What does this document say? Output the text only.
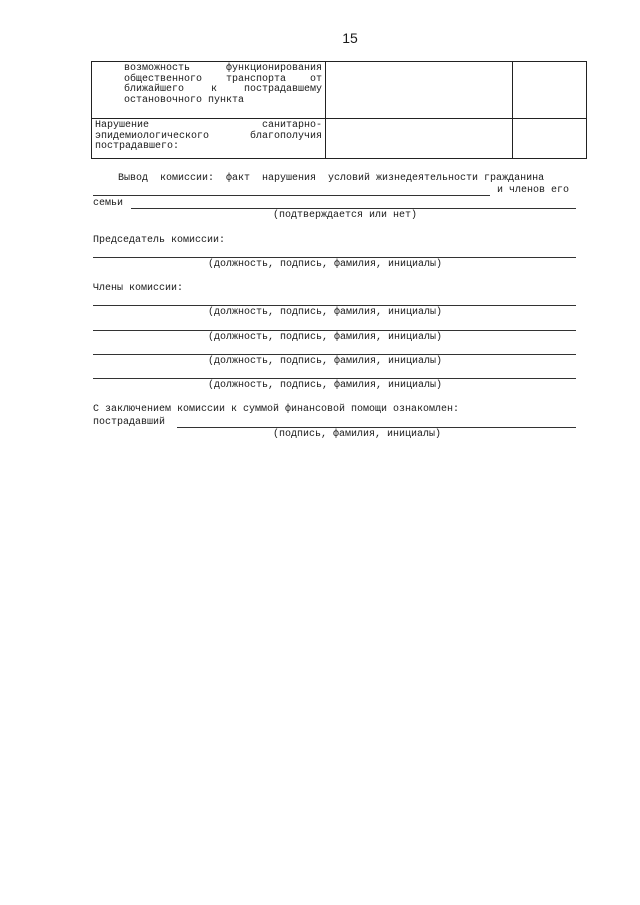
15
возможность функционирования общественного транспорта от ближайшего к пострадавшему остановочного пункта		
Нарушение санитарно-эпидемиологического благополучия пострадавшего:		
Вывод  комиссии:  факт  нарушения  условий жизнедеятельности гражданина
и членов его
семьи
(подтверждается или нет)
Председатель комиссии:
(должность, подпись, фамилия, инициалы)
Члены комиссии:
(должность, подпись, фамилия, инициалы)
(должность, подпись, фамилия, инициалы)
(должность, подпись, фамилия, инициалы)
(должность, подпись, фамилия, инициалы)
С заключением комиссии к суммой финансовой помощи ознакомлен:
пострадавший
(подпись, фамилия, инициалы)
